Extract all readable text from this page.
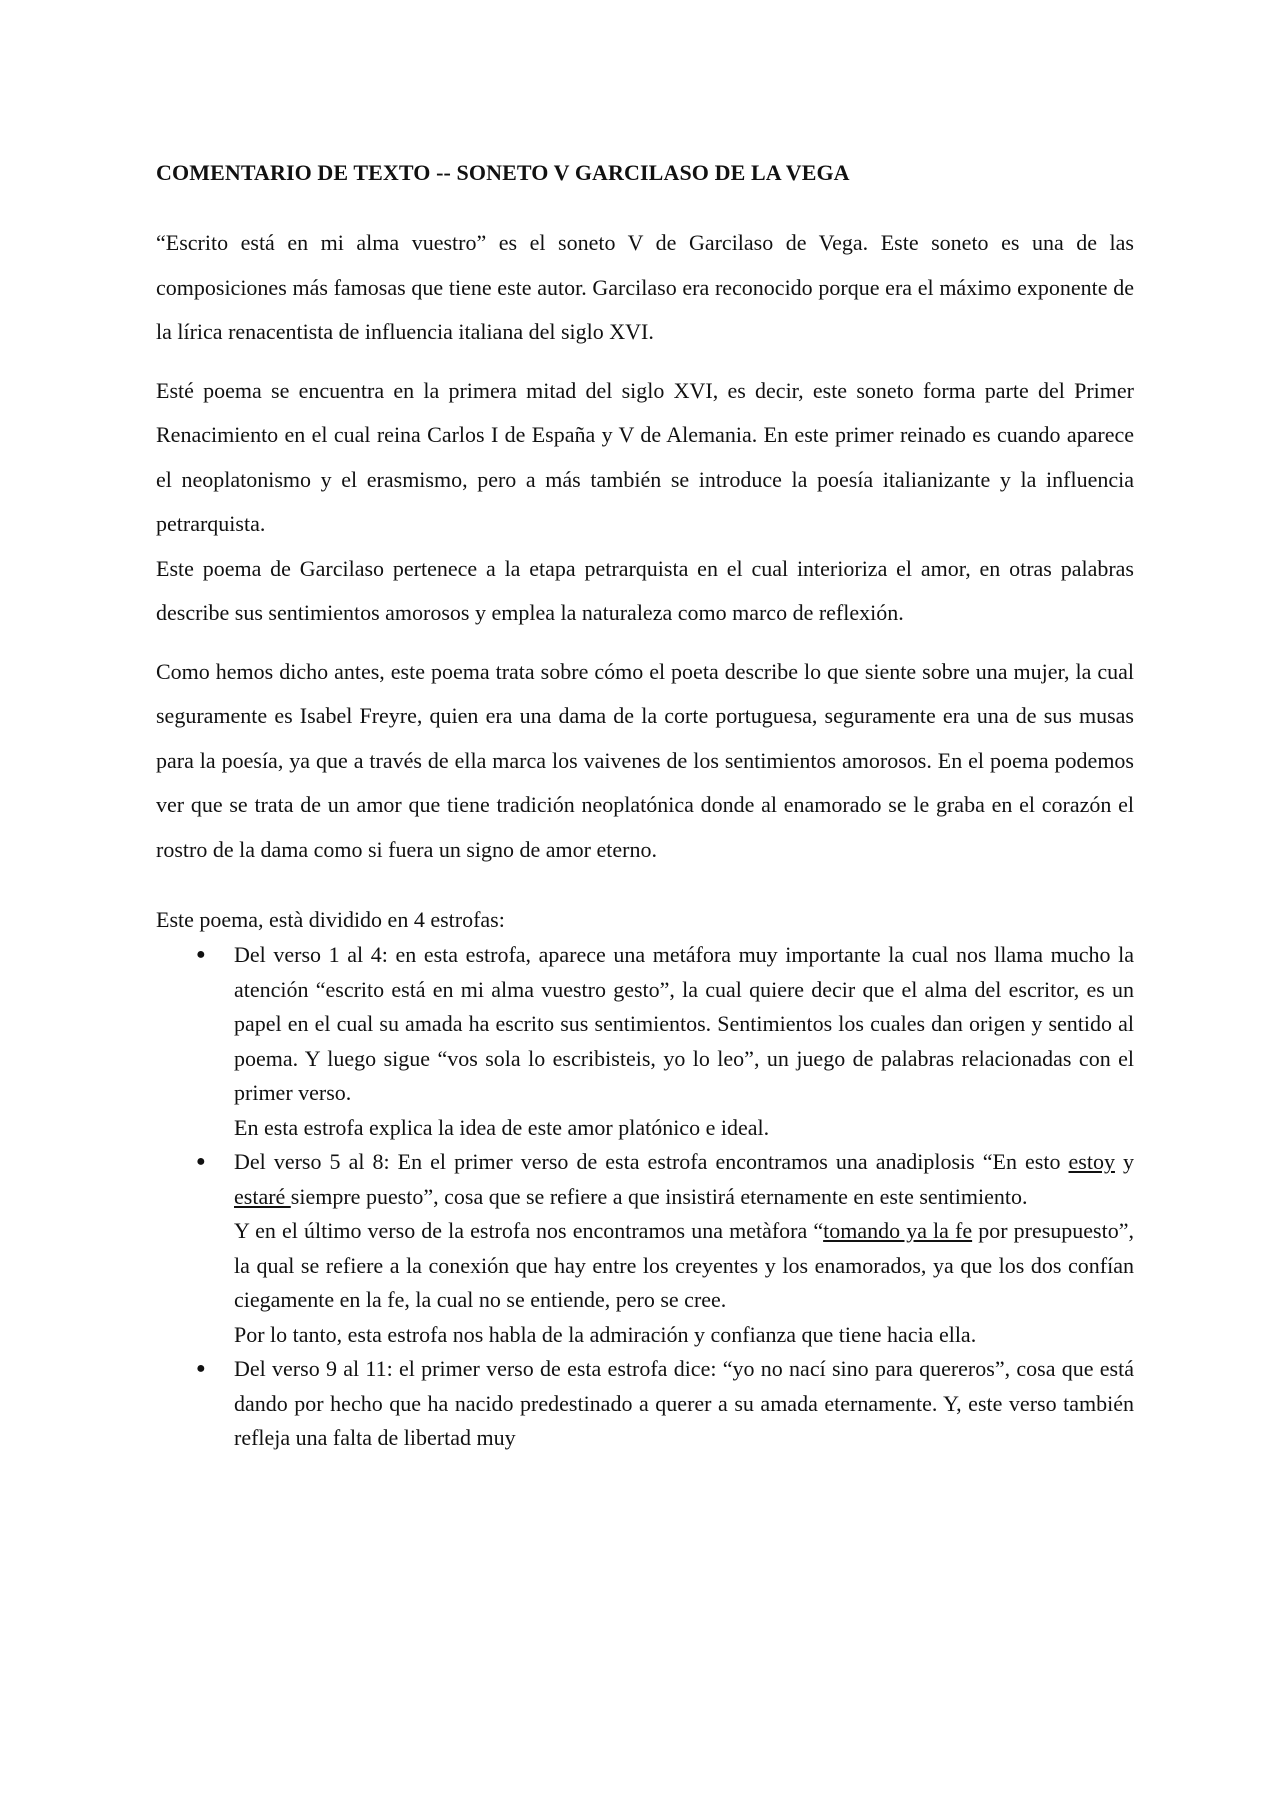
COMENTARIO DE TEXTO -- SONETO V GARCILASO DE LA VEGA

“Escrito está en mi alma vuestro” es el soneto V de Garcilaso de Vega. Este soneto es una de las composiciones más famosas que tiene este autor. Garcilaso era reconocido porque era el máximo exponente de la lírica renacentista de influencia italiana del siglo XVI.

Esté poema se encuentra en la primera mitad del siglo XVI, es decir, este soneto forma parte del Primer Renacimiento en el cual reina Carlos I de España y V de Alemania. En este primer reinado es cuando aparece el neoplatonismo y el erasmismo, pero a más también se introduce la poesía italianizante y la influencia petrarquista.

Este poema de Garcilaso pertenece a la etapa petrarquista en el cual interioriza el amor, en otras palabras describe sus sentimientos amorosos y emplea la naturaleza como marco de reflexión.

Como hemos dicho antes, este poema trata sobre cómo el poeta describe lo que siente sobre una mujer, la cual seguramente es Isabel Freyre, quien era una dama de la corte portuguesa, seguramente era una de sus musas para la poesía, ya que a través de ella marca los vaivenes de los sentimientos amorosos. En el poema podemos ver que se trata de un amor que tiene tradición neoplatónica donde al enamorado se le graba en el corazón el rostro de la dama como si fuera un signo de amor eterno.

Este poema, està dividido en 4 estrofas:

● Del verso 1 al 4: en esta estrofa, aparece una metáfora muy importante la cual nos llama mucho la atención “escrito está en mi alma vuestro gesto”, la cual quiere decir que el alma del escritor, es un papel en el cual su amada ha escrito sus sentimientos. Sentimientos los cuales dan origen y sentido al poema. Y luego sigue “vos sola lo escribisteis, yo lo leo”, un juego de palabras relacionadas con el primer verso.
En esta estrofa explica la idea de este amor platónico e ideal.
● Del verso 5 al 8: En el primer verso de esta estrofa encontramos una anadiplosis “En esto estoy y estaré siempre puesto”, cosa que se refiere a que insistirá eternamente en este sentimiento.
Y en el último verso de la estrofa nos encontramos una metàfora “tomando ya la fe por presupuesto”, la qual se refiere a la conexión que hay entre los creyentes y los enamorados, ya que los dos confían ciegamente en la fe, la cual no se entiende, pero se cree.
Por lo tanto, esta estrofa nos habla de la admiración y confianza que tiene hacia ella.
● Del verso 9 al 11: el primer verso de esta estrofa dice: “yo no nací sino para quereros”, cosa que está dando por hecho que ha nacido predestinado a querer a su amada eternamente. Y, este verso también refleja una falta de libertad muy
